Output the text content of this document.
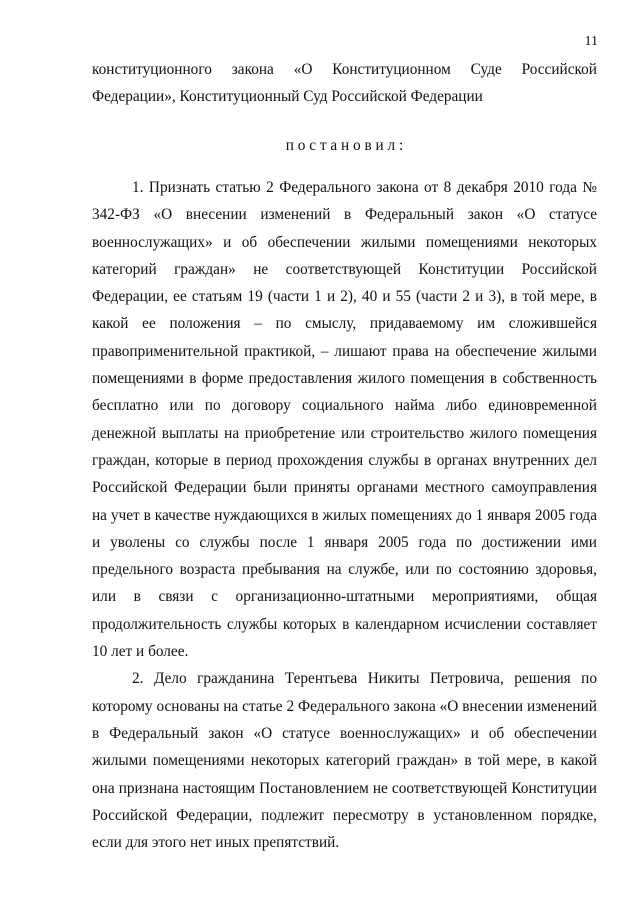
11

конституционного закона «О Конституционном Суде Российской Федерации», Конституционный Суд Российской Федерации

п о с т а н о в и л :

1. Признать статью 2 Федерального закона от 8 декабря 2010 года № 342-ФЗ «О внесении изменений в Федеральный закон «О статусе военнослужащих» и об обеспечении жилыми помещениями некоторых категорий граждан» не соответствующей Конституции Российской Федерации, ее статьям 19 (части 1 и 2), 40 и 55 (части 2 и 3), в той мере, в какой ее положения – по смыслу, придаваемому им сложившейся правоприменительной практикой, – лишают права на обеспечение жилыми помещениями в форме предоставления жилого помещения в собственность бесплатно или по договору социального найма либо единовременной денежной выплаты на приобретение или строительство жилого помещения граждан, которые в период прохождения службы в органах внутренних дел Российской Федерации были приняты органами местного самоуправления на учет в качестве нуждающихся в жилых помещениях до 1 января 2005 года и уволены со службы после 1 января 2005 года по достижении ими предельного возраста пребывания на службе, или по состоянию здоровья, или в связи с организационно-штатными мероприятиями, общая продолжительность службы которых в календарном исчислении составляет 10 лет и более.

2. Дело гражданина Терентьева Никиты Петровича, решения по которому основаны на статье 2 Федерального закона «О внесении изменений в Федеральный закон «О статусе военнослужащих» и об обеспечении жилыми помещениями некоторых категорий граждан» в той мере, в какой она признана настоящим Постановлением не соответствующей Конституции Российской Федерации, подлежит пересмотру в установленном порядке, если для этого нет иных препятствий.
